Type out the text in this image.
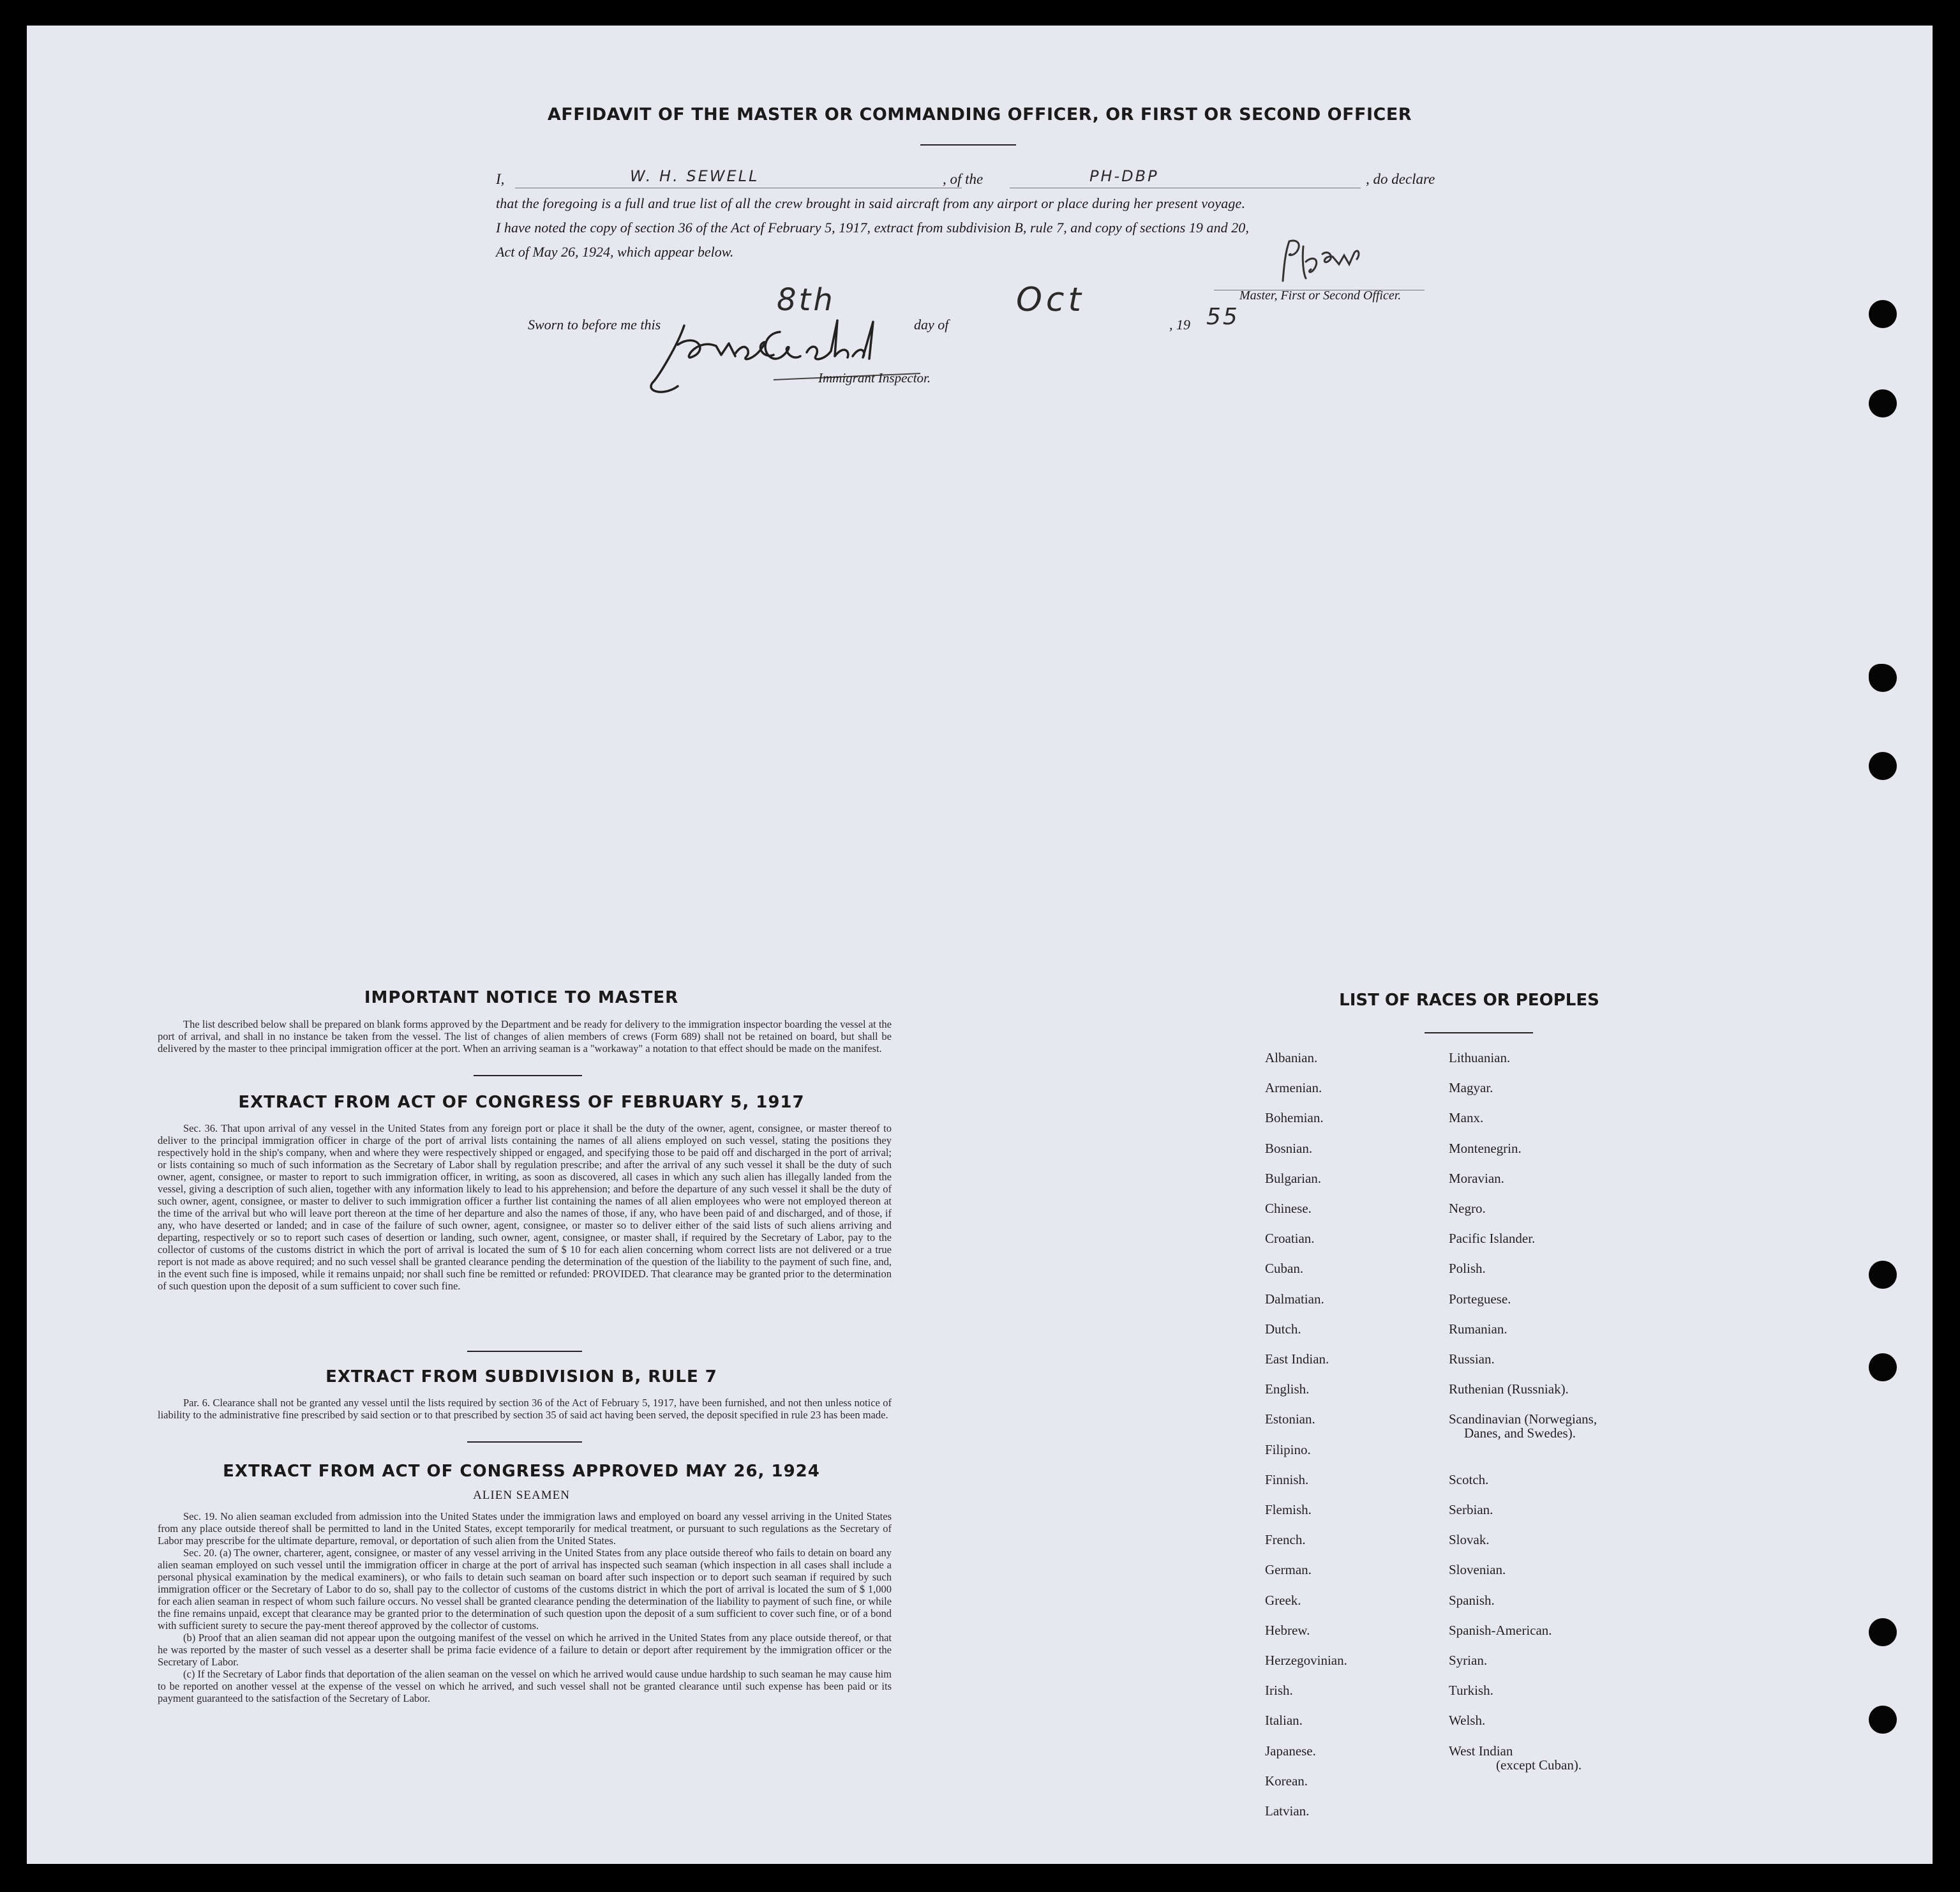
AFFIDAVIT OF THE MASTER OR COMMANDING OFFICER, OR FIRST OR SECOND OFFICER
I,	W. H. SEWELL	, of the	PH-DBP	, do declare
that the foregoing is a full and true list of all the crew brought in said aircraft from any airport or place during her present voyage.
I have noted the copy of section 36 of the Act of February 5, 1917, extract from subdivision B, rule 7, and copy of sections 19 and 20,
Act of May 26, 1924, which appear below.
Master, First or Second Officer.
Sworn to before me this
8th
day of
Oct
, 19 55
Immigrant Inspector.
IMPORTANT NOTICE TO MASTER

The list described below shall be prepared on blank forms approved by the Department and be ready for delivery to the immigration inspector boarding the vessel at the port of arrival, and shall in no instance be taken from the vessel. The list of changes of alien members of crews (Form 689) shall not be retained on board, but shall be delivered by the master to thee principal immigration officer at the port. When an arriving seaman is a "workaway" a notation to that effect should be made on the manifest.

EXTRACT FROM ACT OF CONGRESS OF FEBRUARY 5, 1917

Sec. 36. That upon arrival of any vessel in the United States from any foreign port or place it shall be the duty of the owner, agent, consignee, or master thereof to deliver to the principal immigration officer in charge of the port of arrival lists containing the names of all aliens employed on such vessel, stating the positions they respectively hold in the ship's company, when and where they were respectively shipped or engaged, and specifying those to be paid off and discharged in the port of arrival; or lists containing so much of such information as the Secretary of Labor shall by regulation prescribe; and after the arrival of any such vessel it shall be the duty of such owner, agent, consignee, or master to report to such immigration officer, in writing, as soon as discovered, all cases in which any such alien has illegally landed from the vessel, giving a description of such alien, together with any information likely to lead to his apprehension; and before the departure of any such vessel it shall be the duty of such owner, agent, consignee, or master to deliver to such immigration officer a further list containing the names of all alien employees who were not employed thereon at the time of the arrival but who will leave port thereon at the time of her departure and also the names of those, if any, who have been paid of and discharged, and of those, if any, who have deserted or landed; and in case of the failure of such owner, agent, consignee, or master so to deliver either of the said lists of such aliens arriving and departing, respectively or so to report such cases of desertion or landing, such owner, agent, consignee, or master shall, if required by the Secretary of Labor, pay to the collector of customs of the customs district in which the port of arrival is located the sum of $ 10 for each alien concerning whom correct lists are not delivered or a true report is not made as above required; and no such vessel shall be granted clearance pending the determination of the question of the liability to the payment of such fine, and, in the event such fine is imposed, while it remains unpaid; nor shall such fine be remitted or refunded: PROVIDED. That clearance may be granted prior to the determination of such question upon the deposit of a sum sufficient to cover such fine.

EXTRACT FROM SUBDIVISION B, RULE 7

Par. 6. Clearance shall not be granted any vessel until the lists required by section 36 of the Act of February 5, 1917, have been furnished, and not then unless notice of liability to the administrative fine prescribed by said section or to that prescribed by section 35 of said act having been served, the deposit specified in rule 23 has been made.

EXTRACT FROM ACT OF CONGRESS APPROVED MAY 26, 1924
ALIEN SEAMEN

Sec. 19. No alien seaman excluded from admission into the United States under the immigration laws and employed on board any vessel arriving in the United States from any place outside thereof shall be permitted to land in the United States, except temporarily for medical treatment, or pursuant to such regulations as the Secretary of Labor may prescribe for the ultimate departure, removal, or deportation of such alien from the United States.

Sec. 20. (a) The owner, charterer, agent, consignee, or master of any vessel arriving in the United States from any place outside thereof who fails to detain on board any alien seaman employed on such vessel until the immigration officer in charge at the port of arrival has inspected such seaman (which inspection in all cases shall include a personal physical examination by the medical examiners), or who fails to detain such seaman on board after such inspection or to deport such seaman if required by such immigration officer or the Secretary of Labor to do so, shall pay to the collector of customs of the customs district in which the port of arrival is located the sum of $ 1,000 for each alien seaman in respect of whom such failure occurs. No vessel shall be granted clearance pending the determination of the liability to payment of such fine, or while the fine remains unpaid, except that clearance may be granted prior to the determination of such question upon the deposit of a sum sufficient to cover such fine, or of a bond with sufficient surety to secure the pay-ment thereof approved by the collector of customs.

(b) Proof that an alien seaman did not appear upon the outgoing manifest of the vessel on which he arrived in the United States from any place outside thereof, or that he was reported by the master of such vessel as a deserter shall be prima facie evidence of a failure to detain or deport after requirement by the immigration officer or the Secretary of Labor.

(c) If the Secretary of Labor finds that deportation of the alien seaman on the vessel on which he arrived would cause undue hardship to such seaman he may cause him to be reported on another vessel at the expense of the vessel on which he arrived, and such vessel shall not be granted clearance until such expense has been paid or its payment guaranteed to the satisfaction of the Secretary of Labor.

LIST OF RACES OR PEOPLES
Albanian.
Armenian.
Bohemian.
Bosnian.
Bulgarian.
Chinese.
Croatian.
Cuban.
Dalmatian.
Dutch.
East Indian.
English.
Estonian.
Filipino.
Finnish.
Flemish.
French.
German.
Greek.
Hebrew.
Herzegovinian.
Irish.
Italian.
Japanese.
Korean.
Latvian.
Lithuanian.
Magyar.
Manx.
Montenegrin.
Moravian.
Negro.
Pacific Islander.
Polish.
Porteguese.
Rumanian.
Russian.
Ruthenian (Russniak).
Scandinavian (Norwegians,
Scotch.
Serbian.
Slovak.
Slovenian.
Spanish.
Spanish-American.
Syrian.
Turkish.
Welsh.
West Indian
Danes, and Swedes).
(except Cuban).
